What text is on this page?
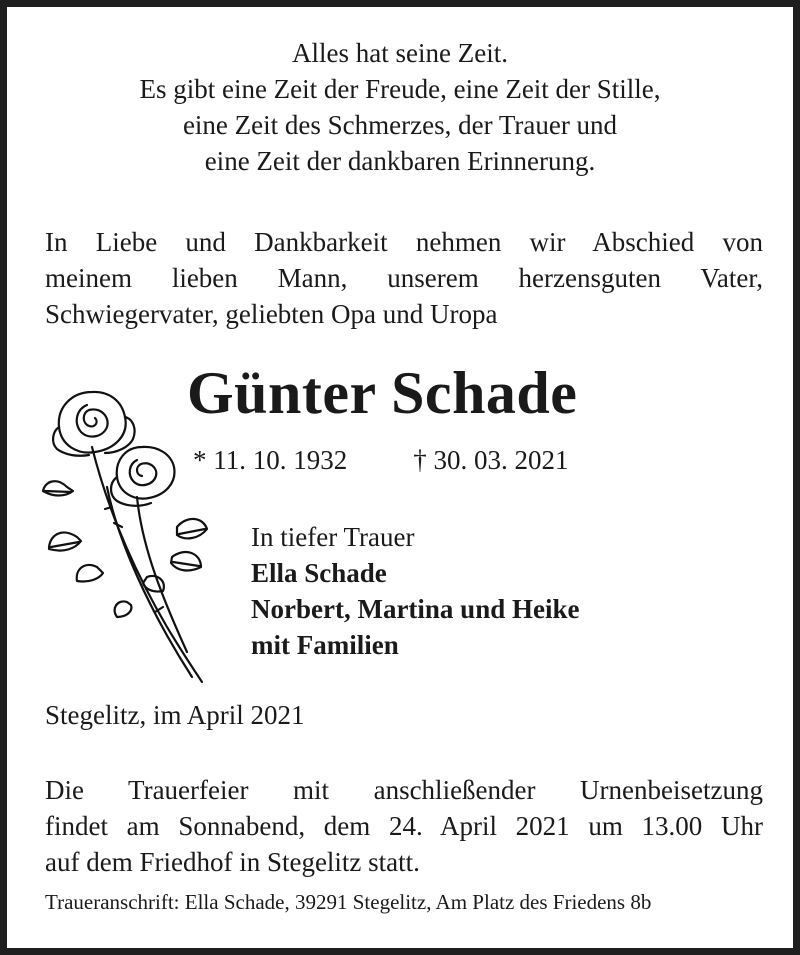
Alles hat seine Zeit.
Es gibt eine Zeit der Freude, eine Zeit der Stille,
eine Zeit des Schmerzes, der Trauer und
eine Zeit der dankbaren Erinnerung.
In Liebe und Dankbarkeit nehmen wir Abschied von
meinem lieben Mann, unserem herzensguten Vater,
Schwiegervater, geliebten Opa und Uropa
Günter Schade
* 11. 10. 1932 † 30. 03. 2021
In tiefer Trauer
Ella Schade
Norbert, Martina und Heike
mit Familien
Stegelitz, im April 2021
Die Trauerfeier mit anschließender Urnenbeisetzung
findet am Sonnabend, dem 24. April 2021 um 13.00 Uhr
auf dem Friedhof in Stegelitz statt.
Traueranschrift: Ella Schade, 39291 Stegelitz, Am Platz des Friedens 8b
